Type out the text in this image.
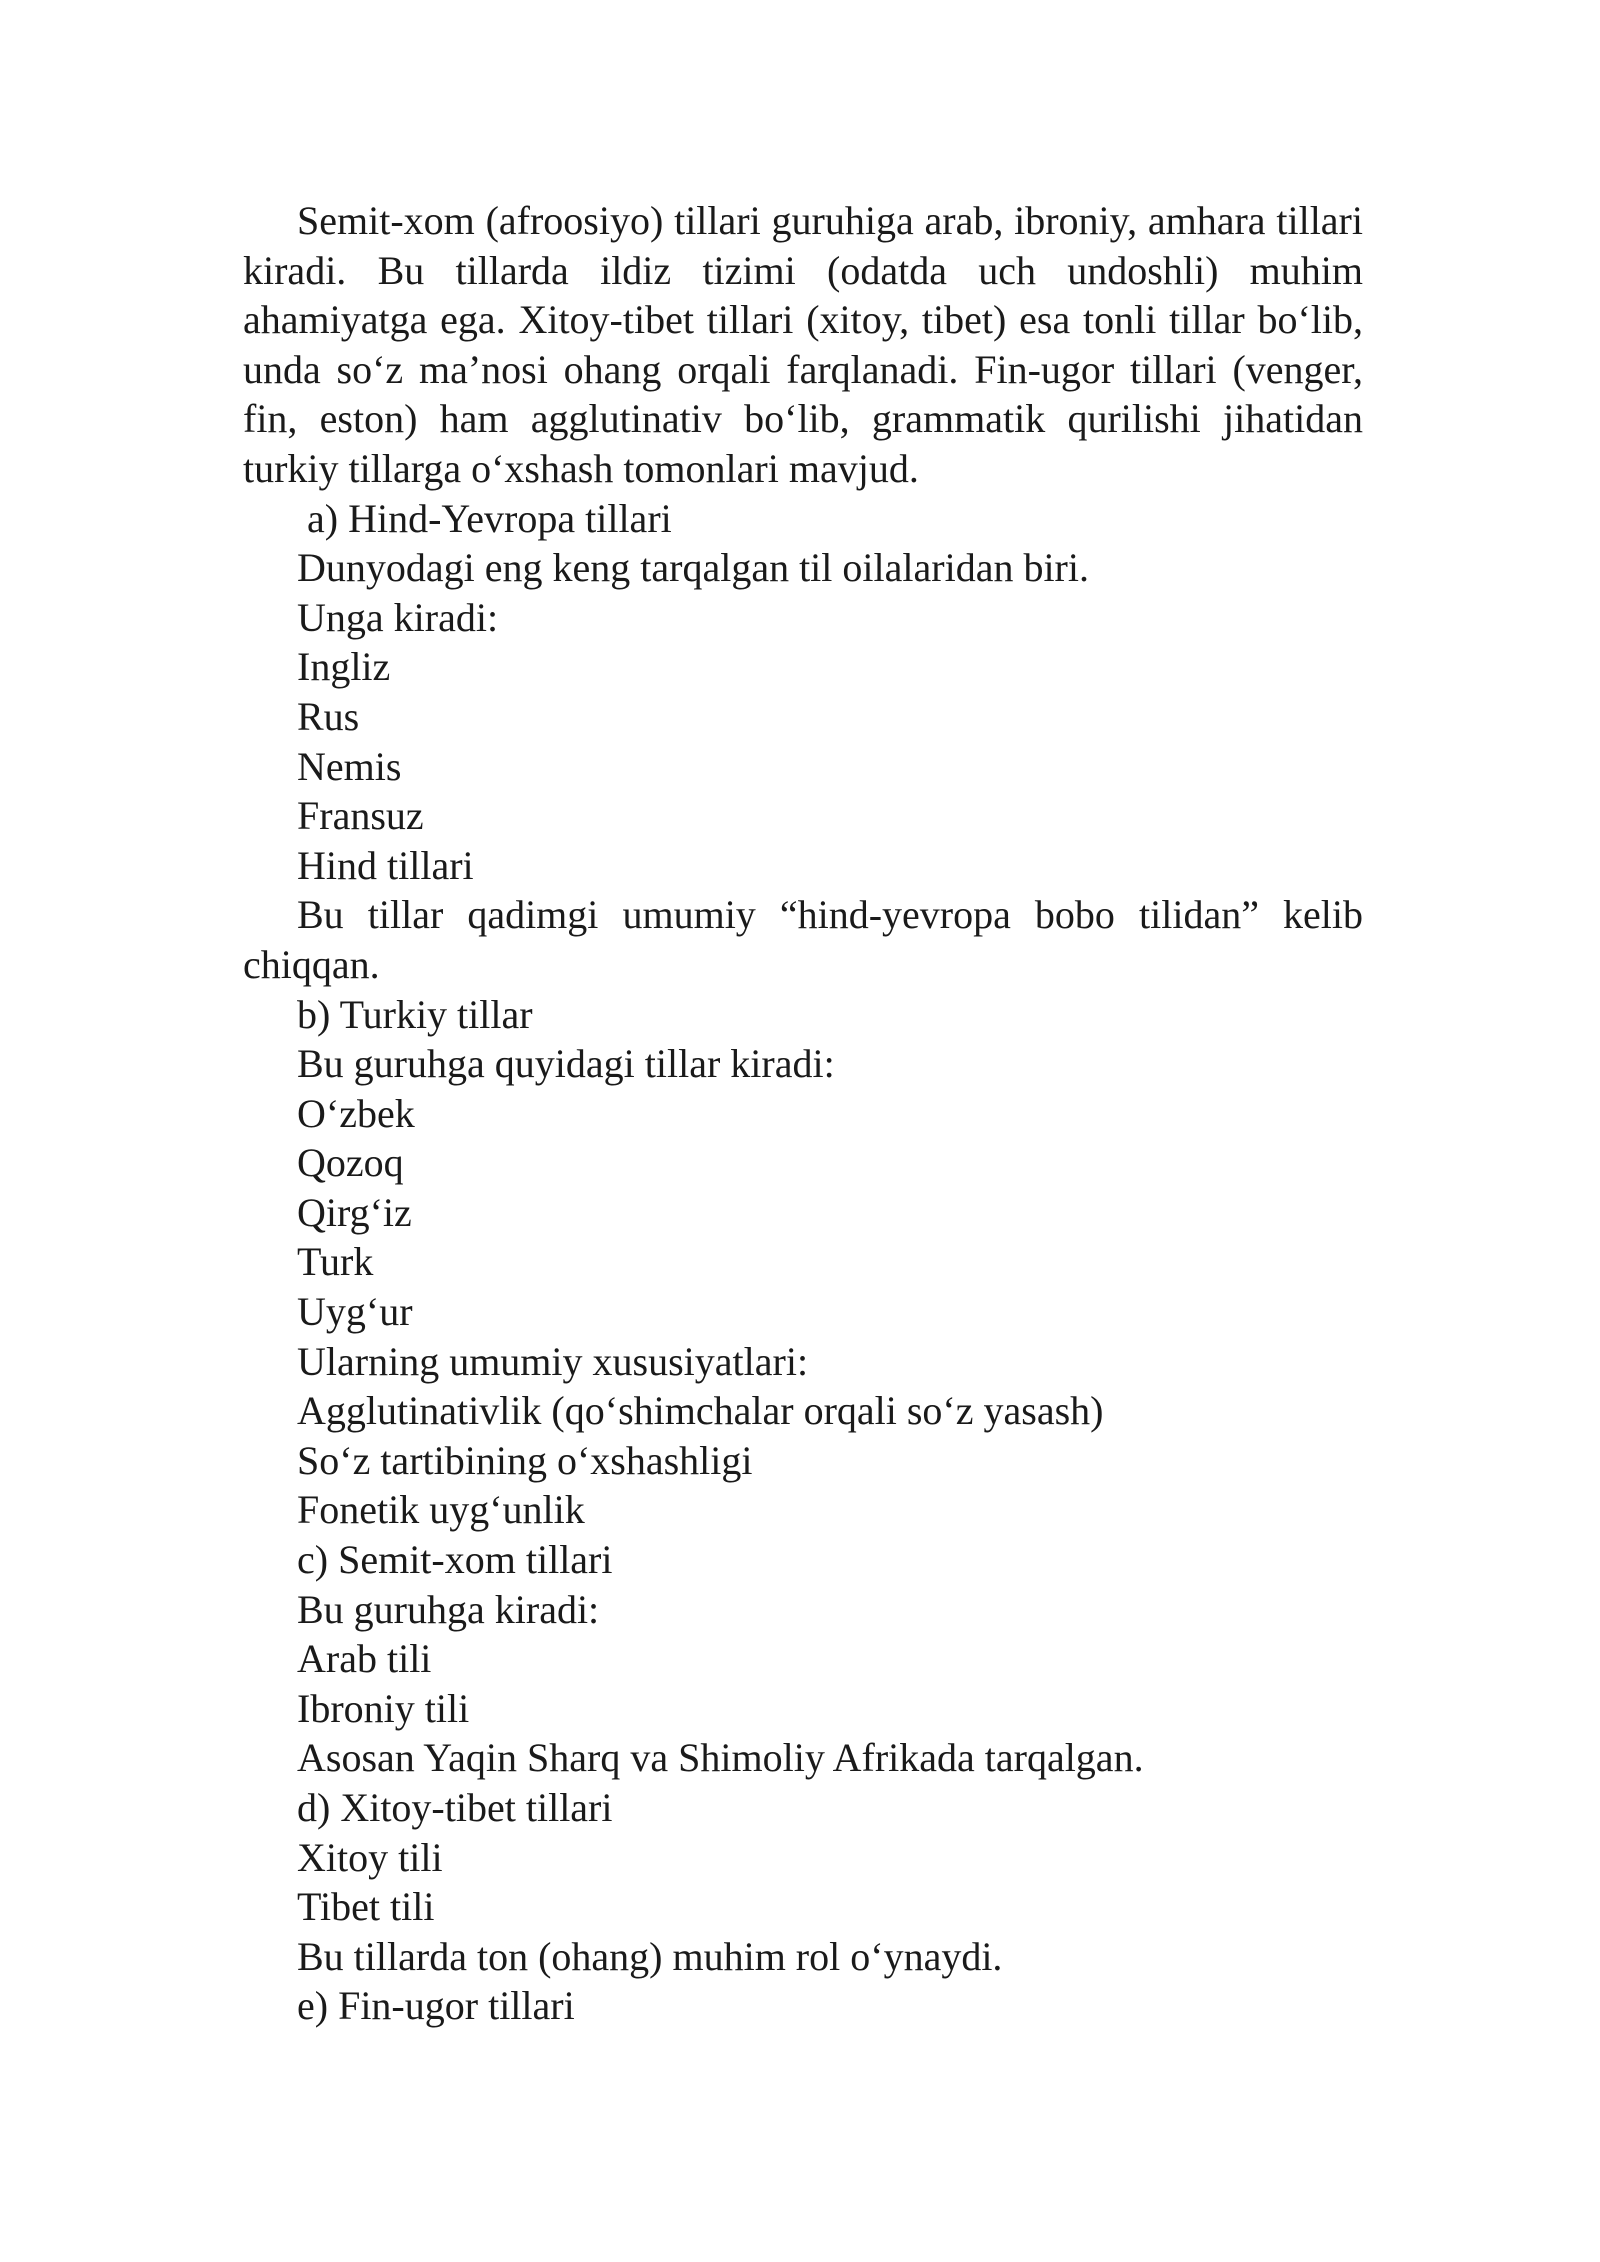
Semit-xom (afroosiyo) tillari guruhiga arab, ibroniy, amhara tillari kiradi. Bu tillarda ildiz tizimi (odatda uch undoshli) muhim ahamiyatga ega. Xitoy-tibet tillari (xitoy, tibet) esa tonli tillar bo‘lib, unda so‘z ma’nosi ohang orqali farqlanadi. Fin-ugor tillari (venger, fin, eston) ham agglutinativ bo‘lib, grammatik qurilishi jihatidan turkiy tillarga o‘xshash tomonlari mavjud.

a) Hind-Yevropa tillari
Dunyodagi eng keng tarqalgan til oilalaridan biri.
Unga kiradi:
Ingliz
Rus
Nemis
Fransuz
Hind tillari

Bu tillar qadimgi umumiy “hind-yevropa bobo tilidan” kelib chiqqan.

b) Turkiy tillar
Bu guruhga quyidagi tillar kiradi:
O‘zbek
Qozoq
Qirg‘iz
Turk
Uyg‘ur
Ularning umumiy xususiyatlari:
Agglutinativlik (qo‘shimchalar orqali so‘z yasash)
So‘z tartibining o‘xshashligi
Fonetik uyg‘unlik
c) Semit-xom tillari
Bu guruhga kiradi:
Arab tili
Ibroniy tili
Asosan Yaqin Sharq va Shimoliy Afrikada tarqalgan.
d) Xitoy-tibet tillari
Xitoy tili
Tibet tili
Bu tillarda ton (ohang) muhim rol o‘ynaydi.
e) Fin-ugor tillari
